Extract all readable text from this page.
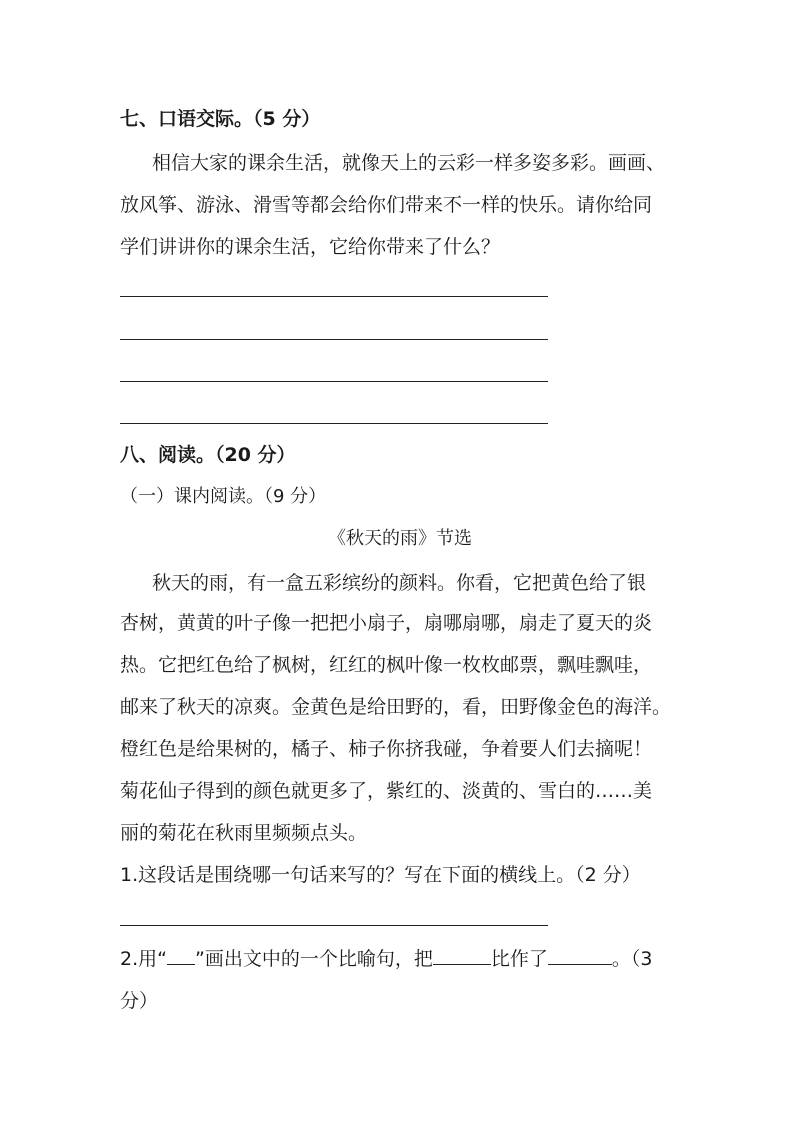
七、口语交际。（5 分）
相信大家的课余生活，就像天上的云彩一样多姿多彩。画画、
放风筝、游泳、滑雪等都会给你们带来不一样的快乐。请你给同
学们讲讲你的课余生活，它给你带来了什么？
八、阅读。（20 分）
（一）课内阅读。（9 分）
《秋天的雨》节选
秋天的雨，有一盒五彩缤纷的颜料。你看，它把黄色给了银
杏树，黄黄的叶子像一把把小扇子，扇哪扇哪，扇走了夏天的炎
热。它把红色给了枫树，红红的枫叶像一枚枚邮票，飘哇飘哇，
邮来了秋天的凉爽。金黄色是给田野的，看，田野像金色的海洋。
橙红色是给果树的，橘子、柿子你挤我碰，争着要人们去摘呢！
菊花仙子得到的颜色就更多了，紫红的、淡黄的、雪白的……美
丽的菊花在秋雨里频频点头。
1.这段话是围绕哪一句话来写的？写在下面的横线上。（2 分）
2.用“ ”画出文中的一个比喻句，把	比作了	。（3
分）
